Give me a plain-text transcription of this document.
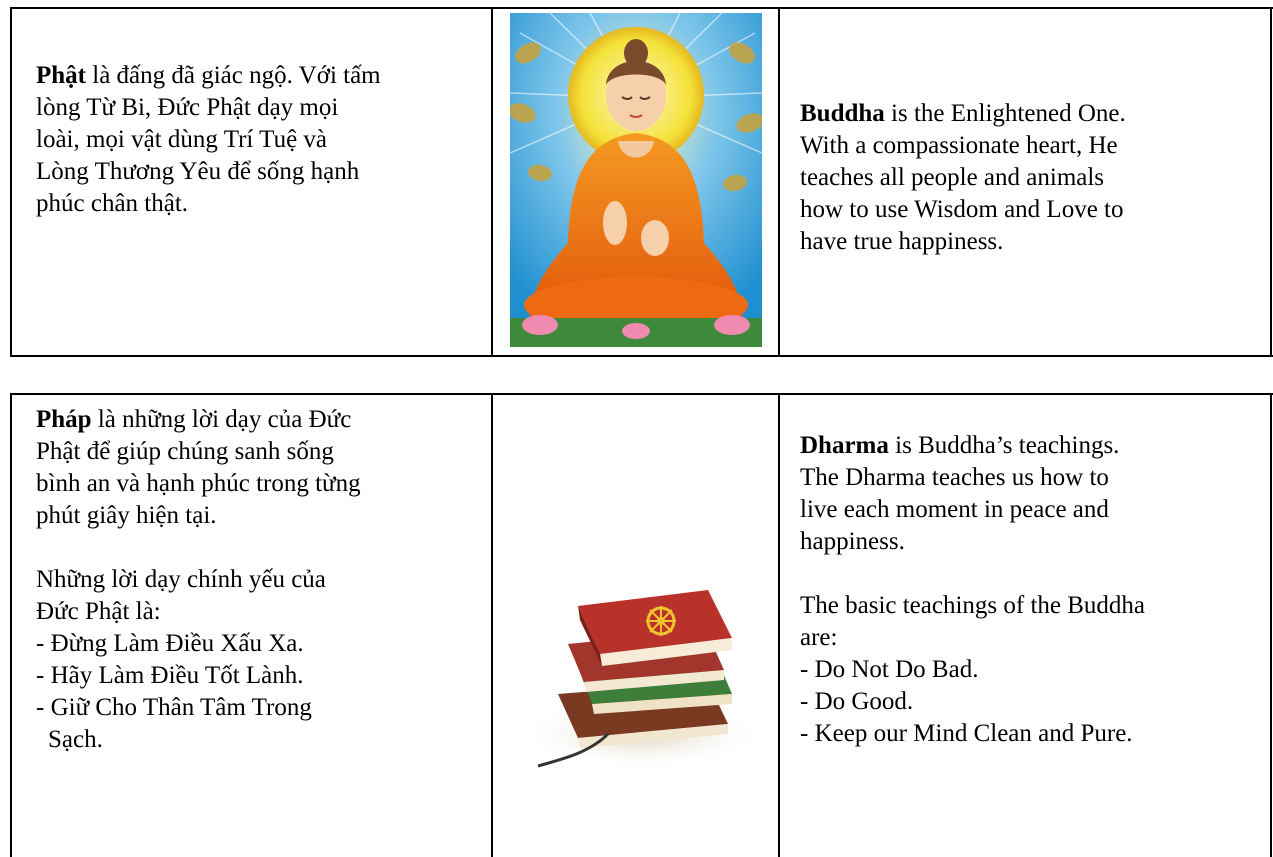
Phật là đấng đã giác ngộ. Với tấm
lòng Từ Bi, Đức Phật dạy mọi
loài, mọi vật dùng Trí Tuệ và
Lòng Thương Yêu để sống hạnh
phúc chân thật.
Buddha is the Enlightened One.
With a compassionate heart, He
teaches all people and animals
how to use Wisdom and Love to
have true happiness.
Pháp là những lời dạy của Đức
Phật để giúp chúng sanh sống
bình an và hạnh phúc trong từng
phút giây hiện tại.
Những lời dạy chính yếu của
Đức Phật là:
- Đừng Làm Điều Xấu Xa.
- Hãy Làm Điều Tốt Lành.
- Giữ Cho Thân Tâm Trong
Sạch.
Dharma is Buddha’s teachings.
The Dharma teaches us how to
live each moment in peace and
happiness.
The basic teachings of the Buddha
are:
- Do Not Do Bad.
- Do Good.
- Keep our Mind Clean and Pure.
